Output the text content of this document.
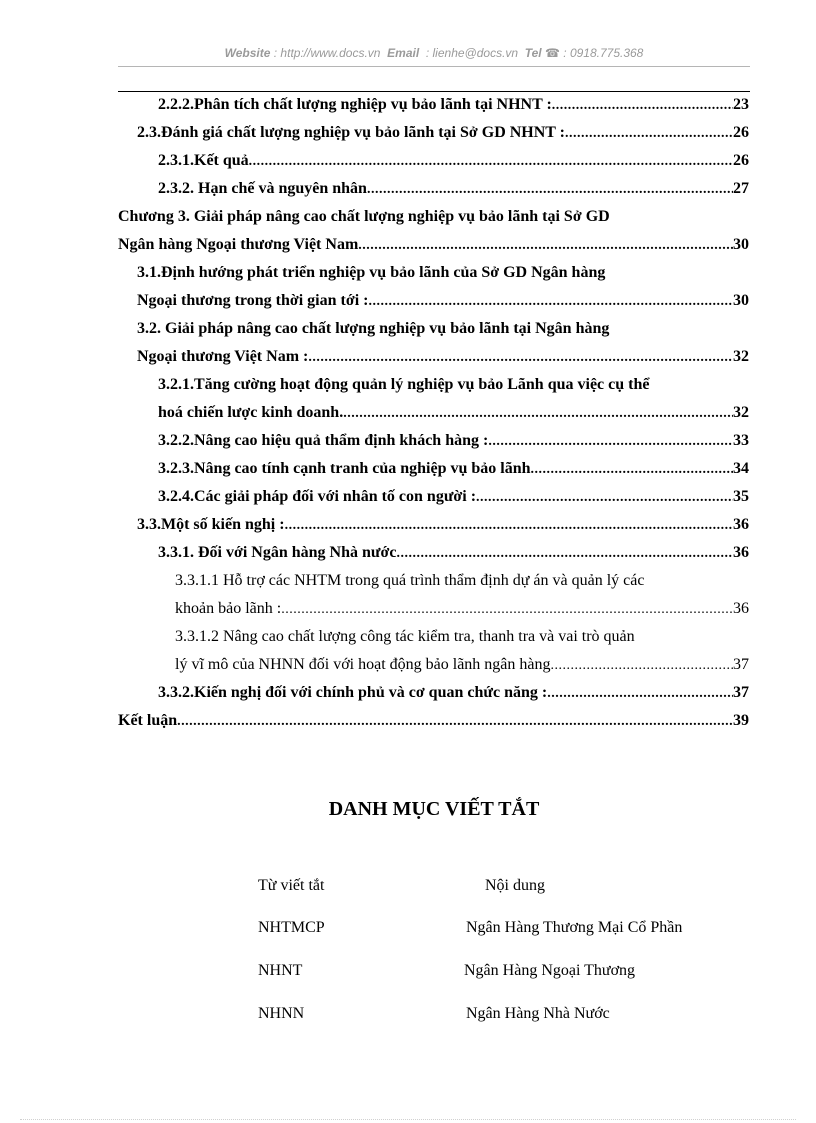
Website : http://www.docs.vn Email : lienhe@docs.vn Tel ☎ : 0918.775.368
2.2.2.Phân tích chất lượng nghiệp vụ bảo lãnh tại NHNT : . . .	23
2.3.Đánh giá chất lượng nghiệp vụ bảo lãnh tại Sở GD NHNT : . . .	26
2.3.1.Kết quả . . .	26
2.3.2. Hạn chế và nguyên nhân . . .	27
Chương 3. Giải pháp nâng cao chất lượng nghiệp vụ bảo lãnh tại Sở GD
Ngân hàng Ngoại thương Việt Nam . . .	30
3.1.Định hướng phát triển nghiệp vụ bảo lãnh của Sở GD Ngân hàng
Ngoại thương trong thời gian tới : . . .	30
3.2. Giải pháp nâng cao chất lượng nghiệp vụ bảo lãnh tại Ngân hàng
Ngoại thương Việt Nam : . . .	32
3.2.1.Tăng cường hoạt động quản lý nghiệp vụ bảo Lãnh qua việc cụ thể
hoá chiến lược kinh doanh. . . .	32
3.2.2.Nâng cao hiệu quả thẩm định khách hàng : . . .	33
3.2.3.Nâng cao tính cạnh tranh của nghiệp vụ bảo lãnh . . .	34
3.2.4.Các giải pháp đối với nhân tố con người : . . .	35
3.3.Một số kiến nghị : . . .	36
3.3.1. Đối với Ngân hàng Nhà nước . . .	36
3.3.1.1 Hỗ trợ các NHTM trong quá trình thẩm định dự án và quản lý các
khoản bảo lãnh : . . .	36
3.3.1.2 Nâng cao chất lượng công tác kiểm tra, thanh tra và vai trò quản
lý vĩ mô của NHNN đối với hoạt động bảo lãnh ngân hàng . . .	37
3.3.2.Kiến nghị đối với chính phủ và cơ quan chức năng : . . .	37
Kết luận . . .	39
DANH MỤC VIẾT TẮT
Từ viết tắt	Nội dung
NHTMCP	Ngân Hàng Thương Mại Cổ Phần
NHNT	Ngân Hàng Ngoại Thương
NHNN	Ngân Hàng Nhà Nước
